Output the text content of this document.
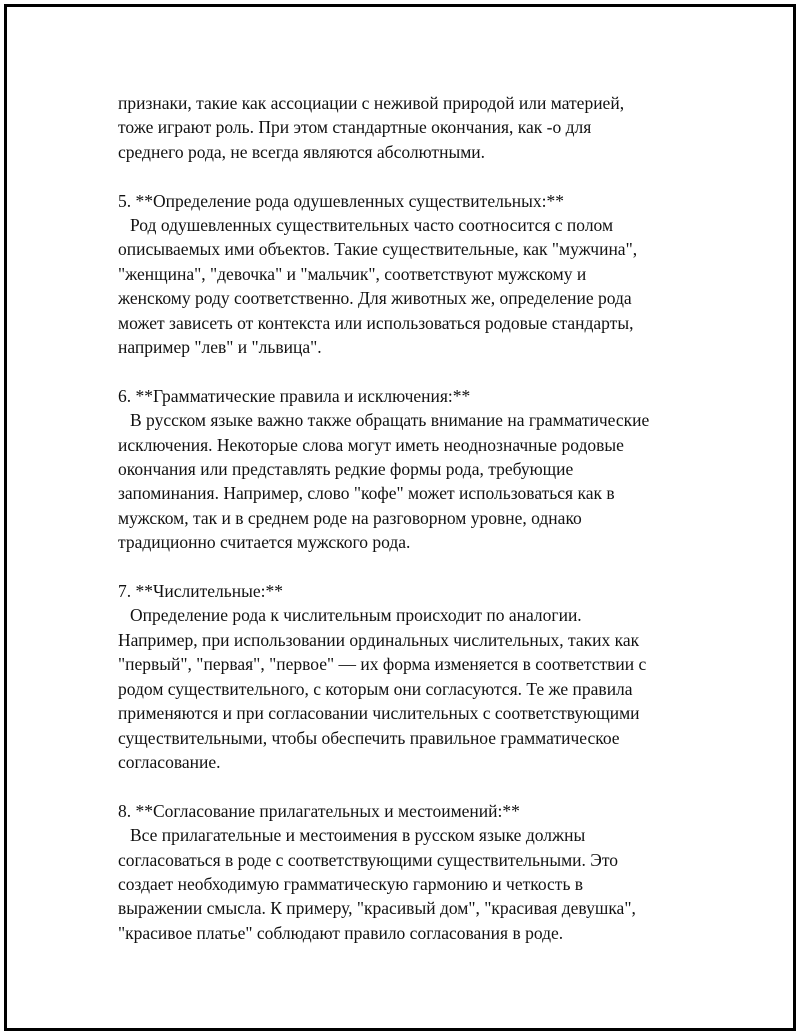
признаки, такие как ассоциации с неживой природой или материей,
тоже играют роль. При этом стандартные окончания, как -о для
среднего рода, не всегда являются абсолютными.
5. **Определение рода одушевленных существительных:**
Род одушевленных существительных часто соотносится с полом
описываемых ими объектов. Такие существительные, как "мужчина",
"женщина", "девочка" и "мальчик", соответствуют мужскому и
женскому роду соответственно. Для животных же, определение рода
может зависеть от контекста или использоваться родовые стандарты,
например "лев" и "львица".
6. **Грамматические правила и исключения:**
В русском языке важно также обращать внимание на грамматические
исключения. Некоторые слова могут иметь неоднозначные родовые
окончания или представлять редкие формы рода, требующие
запоминания. Например, слово "кофе" может использоваться как в
мужском, так и в среднем роде на разговорном уровне, однако
традиционно считается мужского рода.
7. **Числительные:**
Определение рода к числительным происходит по аналогии.
Например, при использовании ординальных числительных, таких как
"первый", "первая", "первое" — их форма изменяется в соответствии с
родом существительного, с которым они согласуются. Те же правила
применяются и при согласовании числительных с соответствующими
существительными, чтобы обеспечить правильное грамматическое
согласование.
8. **Согласование прилагательных и местоимений:**
Все прилагательные и местоимения в русском языке должны
согласоваться в роде с соответствующими существительными. Это
создает необходимую грамматическую гармонию и четкость в
выражении смысла. К примеру, "красивый дом", "красивая девушка",
"красивое платье" соблюдают правило согласования в роде.
